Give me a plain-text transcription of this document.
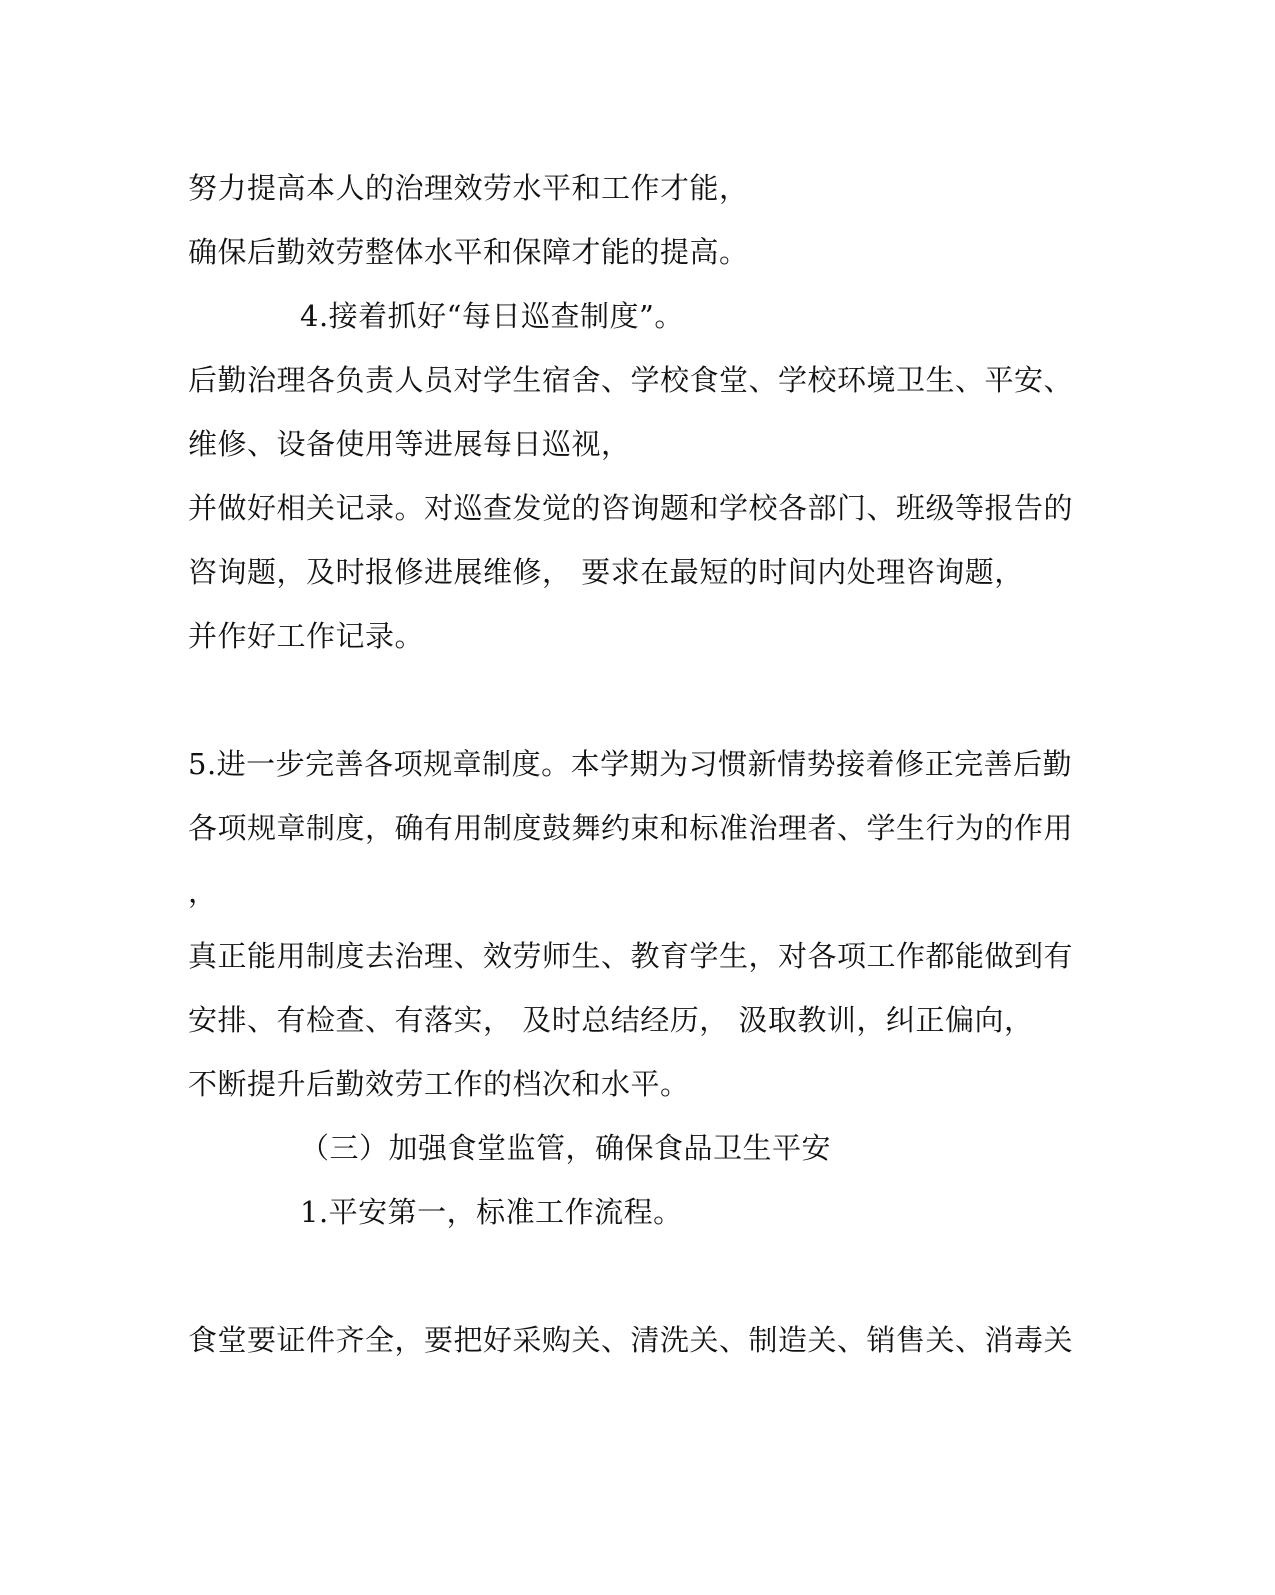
努力提高本人的治理效劳水平和工作才能，
确保后勤效劳整体水平和保障才能的提高。
4.接着抓好“每日巡查制度”。
后勤治理各负责人员对学生宿舍、学校食堂、学校环境卫生、平安、
维修、设备使用等进展每日巡视，
并做好相关记录。对巡查发觉的咨询题和学校各部门、班级等报告的
咨询题，及时报修进展维修， 要求在最短的时间内处理咨询题，
并作好工作记录。
5.进一步完善各项规章制度。本学期为习惯新情势接着修正完善后勤
各项规章制度，确有用制度鼓舞约束和标准治理者、学生行为的作用
，
真正能用制度去治理、效劳师生、教育学生，对各项工作都能做到有
安排、有检查、有落实， 及时总结经历， 汲取教训，纠正偏向，
不断提升后勤效劳工作的档次和水平。
（三）加强食堂监管，确保食品卫生平安
1.平安第一，标准工作流程。
食堂要证件齐全，要把好采购关、清洗关、制造关、销售关、消毒关
